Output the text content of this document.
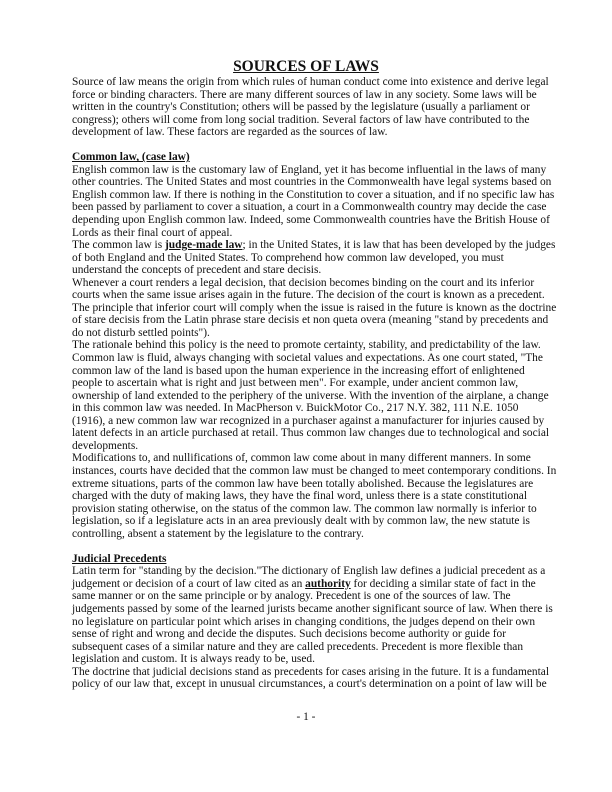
SOURCES OF LAWS
Source of law means the origin from which rules of human conduct come into existence and derive legal
force or binding characters. There are many different sources of law in any society. Some laws will be
written in the country's Constitution; others will be passed by the legislature (usually a parliament or
congress); others will come from long social tradition. Several factors of law have contributed to the
development of law. These factors are regarded as the sources of law.
Common law, (case law)
English common law is the customary law of England, yet it has become influential in the laws of many
other countries. The United States and most countries in the Commonwealth have legal systems based on
English common law. If there is nothing in the Constitution to cover a situation, and if no specific law has
been passed by parliament to cover a situation, a court in a Commonwealth country may decide the case
depending upon English common law. Indeed, some Commonwealth countries have the British House of
Lords as their final court of appeal.
The common law is judge-made law; in the United States, it is law that has been developed by the judges
of both England and the United States. To comprehend how common law developed, you must
understand the concepts of precedent and stare decisis.
Whenever a court renders a legal decision, that decision becomes binding on the court and its inferior
courts when the same issue arises again in the future. The decision of the court is known as a precedent.
The principle that inferior court will comply when the issue is raised in the future is known as the doctrine
of stare decisis from the Latin phrase stare decisis et non queta overa (meaning "stand by precedents and
do not disturb settled points").
The rationale behind this policy is the need to promote certainty, stability, and predictability of the law.
Common law is fluid, always changing with societal values and expectations. As one court stated, "The
common law of the land is based upon the human experience in the increasing effort of enlightened
people to ascertain what is right and just between men". For example, under ancient common law,
ownership of land extended to the periphery of the universe. With the invention of the airplane, a change
in this common law was needed. In MacPherson v. BuickMotor Co., 217 N.Y. 382, 111 N.E. 1050
(1916), a new common law war recognized in a purchaser against a manufacturer for injuries caused by
latent defects in an article purchased at retail. Thus common law changes due to technological and social
developments.
Modifications to, and nullifications of, common law come about in many different manners. In some
instances, courts have decided that the common law must be changed to meet contemporary conditions. In
extreme situations, parts of the common law have been totally abolished. Because the legislatures are
charged with the duty of making laws, they have the final word, unless there is a state constitutional
provision stating otherwise, on the status of the common law. The common law normally is inferior to
legislation, so if a legislature acts in an area previously dealt with by common law, the new statute is
controlling, absent a statement by the legislature to the contrary.
Judicial Precedents
Latin term for "standing by the decision."The dictionary of English law defines a judicial precedent as a
judgement or decision of a court of law cited as an authority for deciding a similar state of fact in the
same manner or on the same principle or by analogy. Precedent is one of the sources of law. The
judgements passed by some of the learned jurists became another significant source of law. When there is
no legislature on particular point which arises in changing conditions, the judges depend on their own
sense of right and wrong and decide the disputes. Such decisions become authority or guide for
subsequent cases of a similar nature and they are called precedents. Precedent is more flexible than
legislation and custom. It is always ready to be, used.
The doctrine that judicial decisions stand as precedents for cases arising in the future. It is a fundamental
policy of our law that, except in unusual circumstances, a court's determination on a point of law will be
- 1 -
